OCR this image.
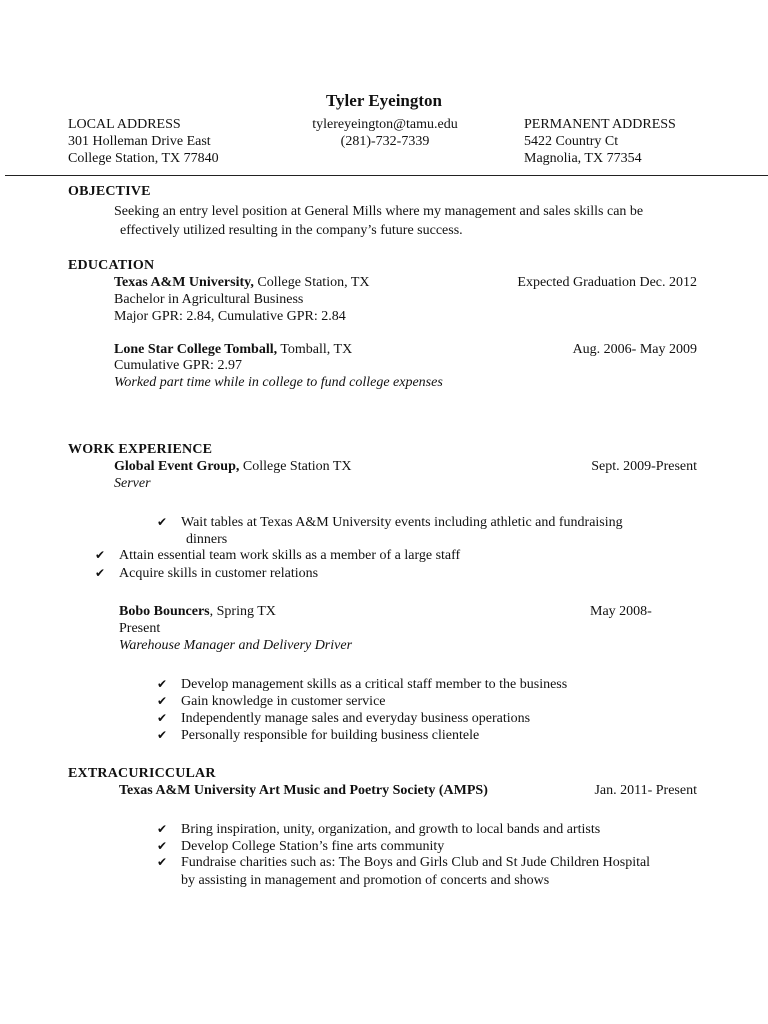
Tyler Eyeington
LOCAL ADDRESS
301 Holleman Drive East
College Station, TX 77840
tylereyeington@tamu.edu
(281)-732-7339
PERMANENT ADDRESS
5422 Country Ct
Magnolia, TX 77354
OBJECTIVE
Seeking an entry level position at General Mills where my management and sales skills can be
effectively utilized resulting in the company’s future success.
EDUCATION
Texas A&M University, College Station, TX	Expected Graduation Dec. 2012
Bachelor in Agricultural Business
Major GPR: 2.84, Cumulative GPR: 2.84
Lone Star College Tomball, Tomball, TX	Aug. 2006- May 2009
Cumulative GPR: 2.97
Worked part time while in college to fund college expenses
WORK EXPERIENCE
Global Event Group, College Station TX	Sept. 2009-Present
Server
✔ Wait tables at Texas A&M University events including athletic and fundraising
dinners
✔ Attain essential team work skills as a member of a large staff
✔ Acquire skills in customer relations
Bobo Bouncers, Spring TX	May 2008-
Present
Warehouse Manager and Delivery Driver
✔ Develop management skills as a critical staff member to the business
✔ Gain knowledge in customer service
✔ Independently manage sales and everyday business operations
✔ Personally responsible for building business clientele
EXTRACURICCULAR
Texas A&M University Art Music and Poetry Society (AMPS)	Jan. 2011- Present
✔ Bring inspiration, unity, organization, and growth to local bands and artists
✔ Develop College Station’s fine arts community
✔ Fundraise charities such as: The Boys and Girls Club and St Jude Children Hospital
by assisting in management and promotion of concerts and shows
